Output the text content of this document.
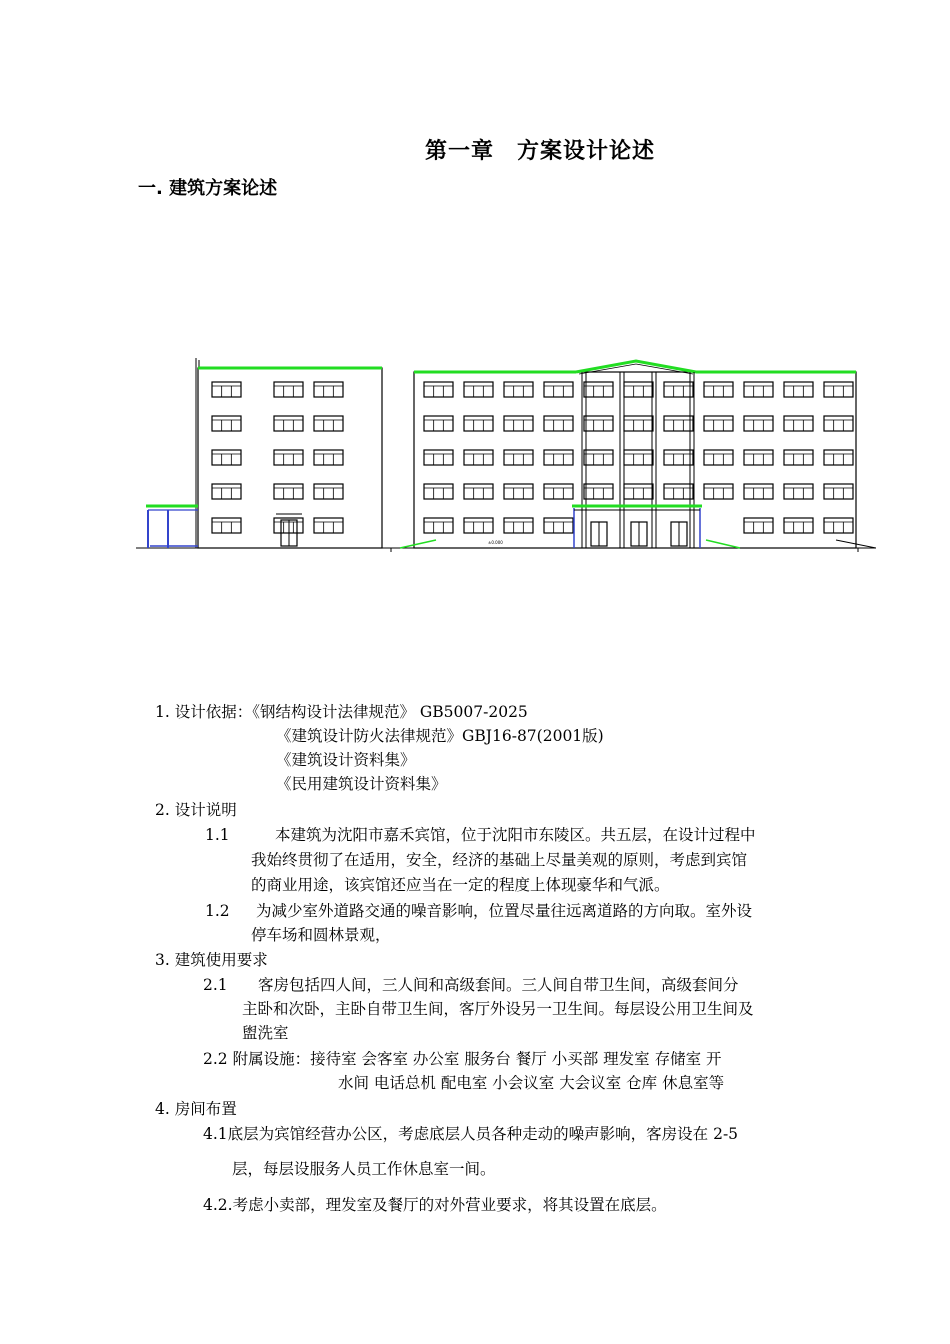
第一章　方案设计论述
一. 建筑方案论述
±0.000
1. 设计依据：《钢结构设计法律规范》 GB5007-2025
《建筑设计防火法律规范》GBJ16-87(2001版)
《建筑设计资料集》
《民用建筑设计资料集》
2. 设计说明
1.1	本建筑为沈阳市嘉禾宾馆，位于沈阳市东陵区。共五层，在设计过程中
我始终贯彻了在适用，安全，经济的基础上尽量美观的原则，考虑到宾馆
的商业用途，该宾馆还应当在一定的程度上体现豪华和气派。
1.2 为减少室外道路交通的噪音影响，位置尽量往远离道路的方向取。室外设
停车场和圆林景观，
3. 建筑使用要求
2.1 客房包括四人间，三人间和高级套间。三人间自带卫生间，高级套间分
主卧和次卧，主卧自带卫生间，客厅外设另一卫生间。每层设公用卫生间及
盥洗室
2.2 附属设施：接待室 会客室 办公室 服务台 餐厅 小买部 理发室 存储室 开
水间 电话总机 配电室 小会议室 大会议室 仓库 休息室等
4. 房间布置
4.1底层为宾馆经营办公区，考虑底层人员各种走动的噪声影响，客房设在 2-5
层，每层设服务人员工作休息室一间。
4.2.考虑小卖部，理发室及餐厅的对外营业要求，将其设置在底层。
